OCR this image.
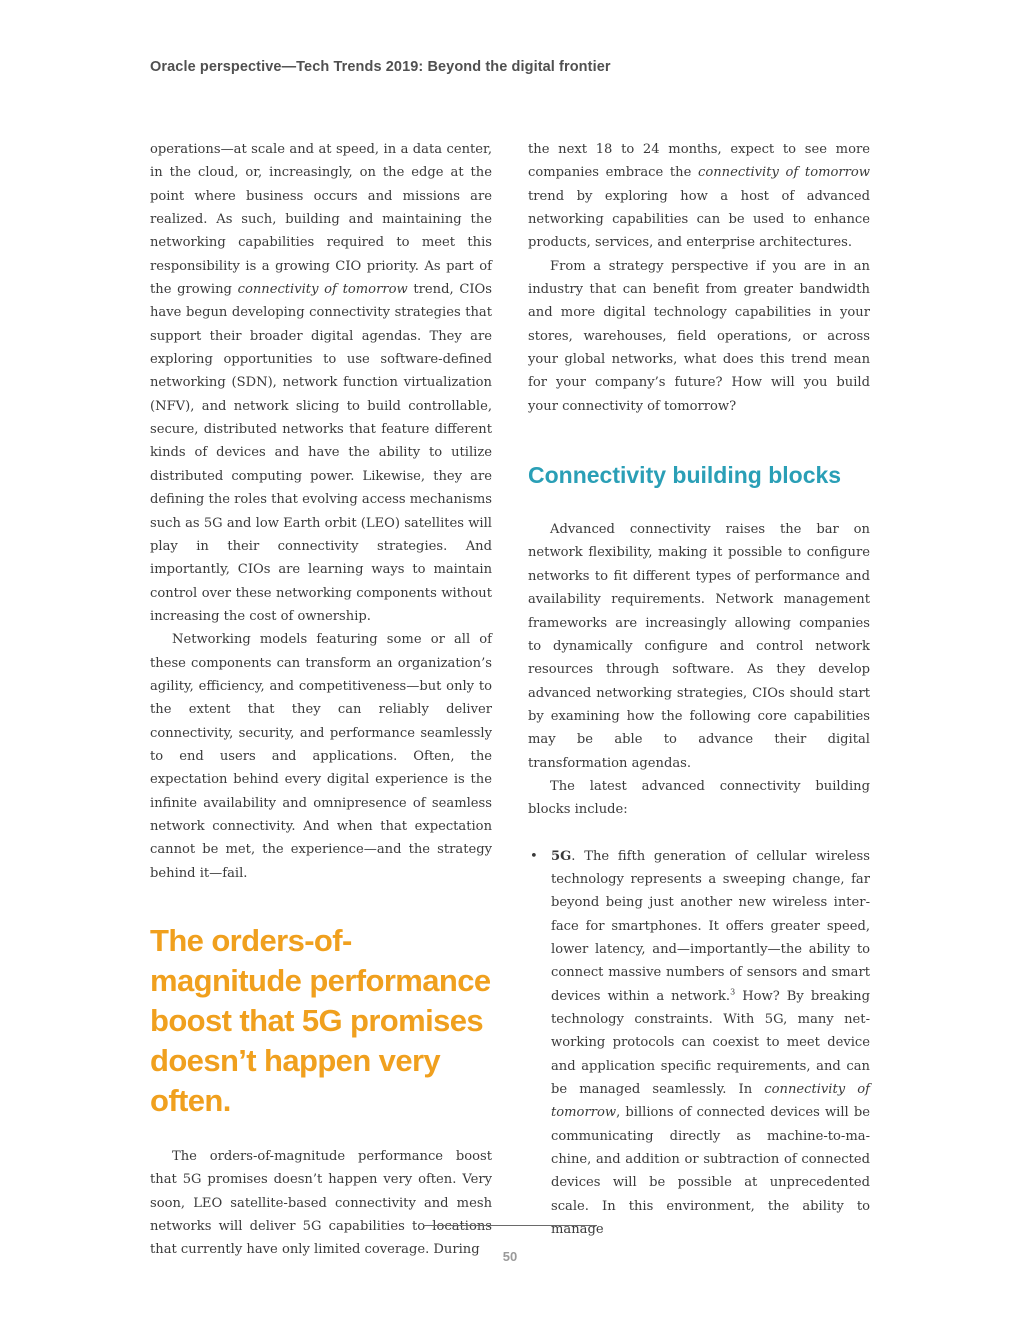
Oracle perspective—Tech Trends 2019: Beyond the digital frontier

operations—at scale and at speed, in a data center, in the cloud, or, increasingly, on the edge at the point where business occurs and missions are realized. As such, building and maintaining the networking capabilities required to meet this responsibility is a growing CIO priority. As part of the growing connectivity of tomorrow trend, CIOs have begun developing connectivity strategies that support their broader digital agendas. They are exploring opportunities to use software-defined networking (SDN), network function virtualization (NFV), and network slicing to build controllable, secure, distributed networks that feature different kinds of devices and have the ability to utilize distributed computing power. Likewise, they are defining the roles that evolving access mechanisms such as 5G and low Earth orbit (LEO) satellites will play in their connectivity strategies. And importantly, CIOs are learning ways to maintain control over these networking components without increasing the cost of ownership.

Networking models featuring some or all of these components can transform an organization’s agility, efficiency, and competitiveness—but only to the extent that they can reliably deliver connectivity, security, and performance seamlessly to end users and applications. Often, the expectation behind every digital experience is the infinite availability and omnipresence of seamless network connectivity. And when that expectation cannot be met, the experience—and the strategy behind it—fail.

The orders-of-magnitude performance boost that 5G promises doesn’t happen very often.

The orders-of-magnitude performance boost that 5G promises doesn’t happen very often. Very soon, LEO satellite-based connectivity and mesh networks will deliver 5G capabilities to locations that currently have only limited coverage. During

the next 18 to 24 months, expect to see more companies embrace the connectivity of tomorrow trend by exploring how a host of advanced networking capabilities can be used to enhance products, services, and enterprise architectures.

From a strategy perspective if you are in an industry that can benefit from greater bandwidth and more digital technology capabilities in your stores, warehouses, field operations, or across your global networks, what does this trend mean for your company’s future? How will you build your connectivity of tomorrow?

Connectivity building blocks

Advanced connectivity raises the bar on network flexibility, making it possible to configure networks to fit different types of performance and availability requirements. Network management frameworks are increasingly allowing companies to dynamically configure and control network resources through software. As they develop advanced networking strategies, CIOs should start by examining how the following core capabilities may be able to advance their digital transformation agendas.

The latest advanced connectivity building blocks include:

• 5G. The fifth generation of cellular wireless technology represents a sweeping change, far beyond being just another new wireless interface for smartphones. It offers greater speed, lower latency, and—importantly—the ability to connect massive numbers of sensors and smart devices within a network.$^3$ How? By breaking technology constraints. With 5G, many networking protocols can coexist to meet device and application specific requirements, and can be managed seamlessly. In connectivity of tomorrow, billions of connected devices will be communicating directly as machine-to-machine, and addition or subtraction of connected devices will be possible at unprecedented scale. In this environment, the ability to manage
50
